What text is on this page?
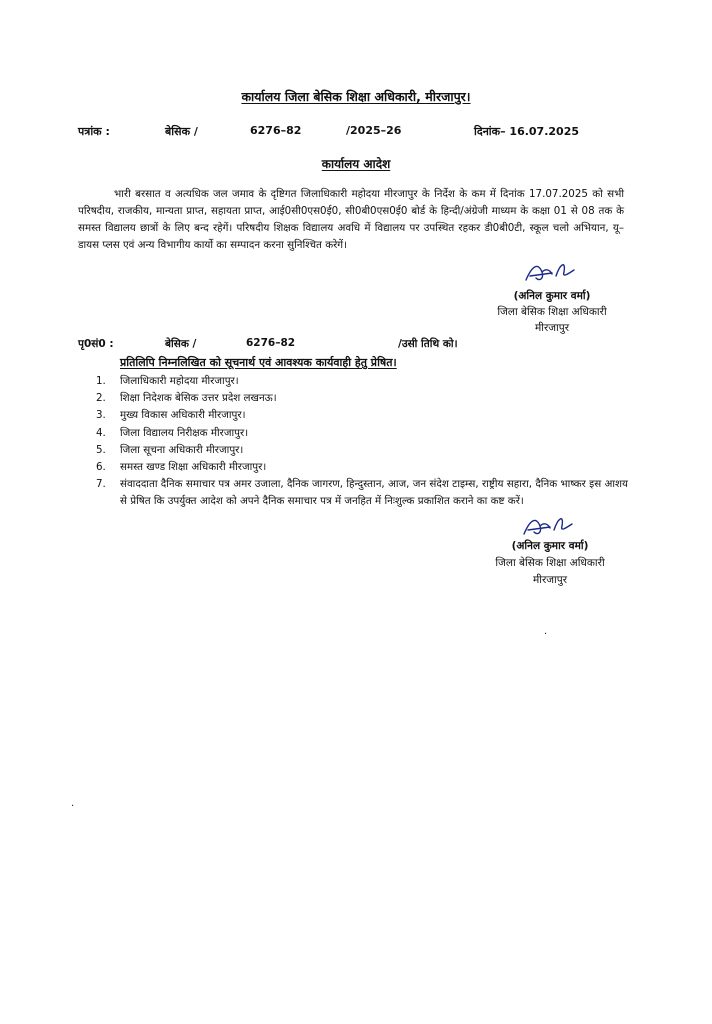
कार्यालय जिला बेसिक शिक्षा अधिकारी, मीरजापुर।
पत्रांक :	बेसिक /	6276–82	/2025–26	दिनांक– 16.07.2025
कार्यालय आदेश
भारी बरसात व अत्यधिक जल जमाव के दृष्टिगत जिलाधिकारी महोदया मीरजापुर के निर्देश के कम में दिनांक 17.07.2025 को सभी परिषदीय, राजकीय, मान्यता प्राप्त, सहायता प्राप्त, आई0सी0एस0ई0, सी0बी0एस0ई0 बोर्ड के हिन्दी/अंग्रेजी माध्यम के कक्षा 01 से 08 तक के समस्त विद्यालय छात्रों के लिए बन्द रहेगें। परिषदीय शिक्षक विद्यालय अवधि में विद्यालय पर उपस्थित रहकर डी0बी0टी, स्कूल चलो अभियान, यू–डायस प्लस एवं अन्य विभागीय कार्यो का सम्पादन करना सुनिश्चित करेगें।
(अनिल कुमार वर्मा)
जिला बेसिक शिक्षा अधिकारी
मीरजापुर
पृ0सं0 :	बेसिक /	6276–82	/उसी तिथि को।
प्रतिलिपि निम्नलिखित को सूचनार्थ एवं आवश्यक कार्यवाही हेतु प्रेषित।
1.	जिलाधिकारी महोदया मीरजापुर।
2.	शिक्षा निदेशक बेसिक उत्तर प्रदेश लखनऊ।
3.	मुख्य विकास अधिकारी मीरजापुर।
4.	जिला विद्यालय निरीक्षक मीरजापुर।
5.	जिला सूचना अधिकारी मीरजापुर।
6.	समस्त खण्ड शिक्षा अधिकारी मीरजापुर।
7.	संवाददाता दैनिक समाचार पत्र अमर उजाला, दैनिक जागरण, हिन्दुस्तान, आज, जन संदेश टाइम्स, राष्ट्रीय सहारा, दैनिक भाष्कर इस आशय से प्रेषित कि उपर्युक्त आदेश को अपने दैनिक समाचार पत्र में जनहित में निःशुल्क प्रकाशित कराने का कष्ट करें।
(अनिल कुमार वर्मा)
जिला बेसिक शिक्षा अधिकारी
मीरजापुर
.
.
